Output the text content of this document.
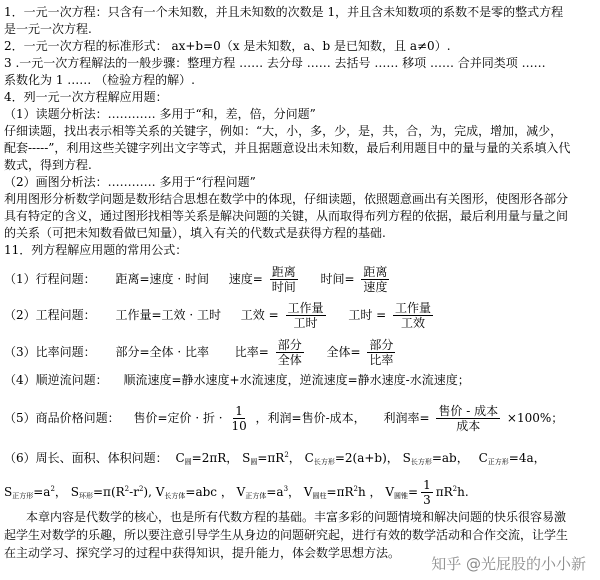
1．一元一次方程：只含有一个未知数，并且未知数的次数是 1，并且含未知数项的系数不是零的整式方程
是一元一次方程.
2．一元一次方程的标准形式： ax+b=0（x 是未知数，a、b 是已知数，且 a≠0）.
3 .一元一次方程解法的一般步骤：整理方程 …… 去分母 …… 去括号 …… 移项 …… 合并同类项 ……
系数化为 1 …… （检验方程的解）.
4．列一元一次方程解应用题：
（1）读题分析法：………… 多用于“和，差，倍，分问题”
仔细读题，找出表示相等关系的关键字，例如：“大，小，多，少，是，共，合，为，完成，增加，减少，
配套-----”，利用这些关键字列出文字等式，并且据题意设出未知数，最后利用题目中的量与量的关系填入代
数式，得到方程.
（2）画图分析法：………… 多用于“行程问题”
利用图形分析数学问题是数形结合思想在数学中的体现，仔细读题，依照题意画出有关图形，使图形各部分
具有特定的含义，通过图形找相等关系是解决问题的关键，从而取得布列方程的依据，最后利用量与量之间
的关系（可把未知数看做已知量），填入有关的代数式是获得方程的基础.
11．列方程解应用题的常用公式：
（1）行程问题： 距离=速度 · 时间 速度= $\frac{\text{距离}}{\text{时间}}$ 时间= $\frac{\text{距离}}{\text{速度}}$
（2）工程问题： 工作量=工效 · 工时 工效 = $\frac{\text{工作量}}{\text{工时}}$ 工时 = $\frac{\text{工作量}}{\text{工效}}$
（3）比率问题： 部分=全体 · 比率 比率= $\frac{\text{部分}}{\text{全体}}$ 全体= $\frac{\text{部分}}{\text{比率}}$
（4）顺逆流问题： 顺流速度=静水速度+水流速度，逆流速度=静水速度-水流速度；
（5）商品价格问题： 售价=定价 · 折 · $\frac{1}{10}$ ，利润=售价-成本， 利润率= $\frac{\text{售价 - 成本}}{\text{成本}} \times 100\%$；
（6）周长、面积、体积问题： $C_圆=2\pi R$， $S_圆=\pi R^2$， $C_{长方形}=2(a+b)$， $S_{长方形}=ab$， $C_{正方形}=4a$，
$S_{正方形}=a^2$， $S_{环形}=\pi(R^2-r^2)$, $V_{长方体}=abc$ ， $V_{正方体}=a^3$， $V_{圆柱}=\pi R^2h$ ， $V_{圆锥}= \frac{1}{3} \pi R^2h$.
本章内容是代数学的核心，也是所有代数方程的基础。丰富多彩的问题情境和解决问题的快乐很容易激
起学生对数学的乐趣，所以要注意引导学生从身边的问题研究起，进行有效的数学活动和合作交流，让学生
在主动学习、探究学习的过程中获得知识，提升能力，体会数学思想方法。
知乎 @光屁股的小小新
